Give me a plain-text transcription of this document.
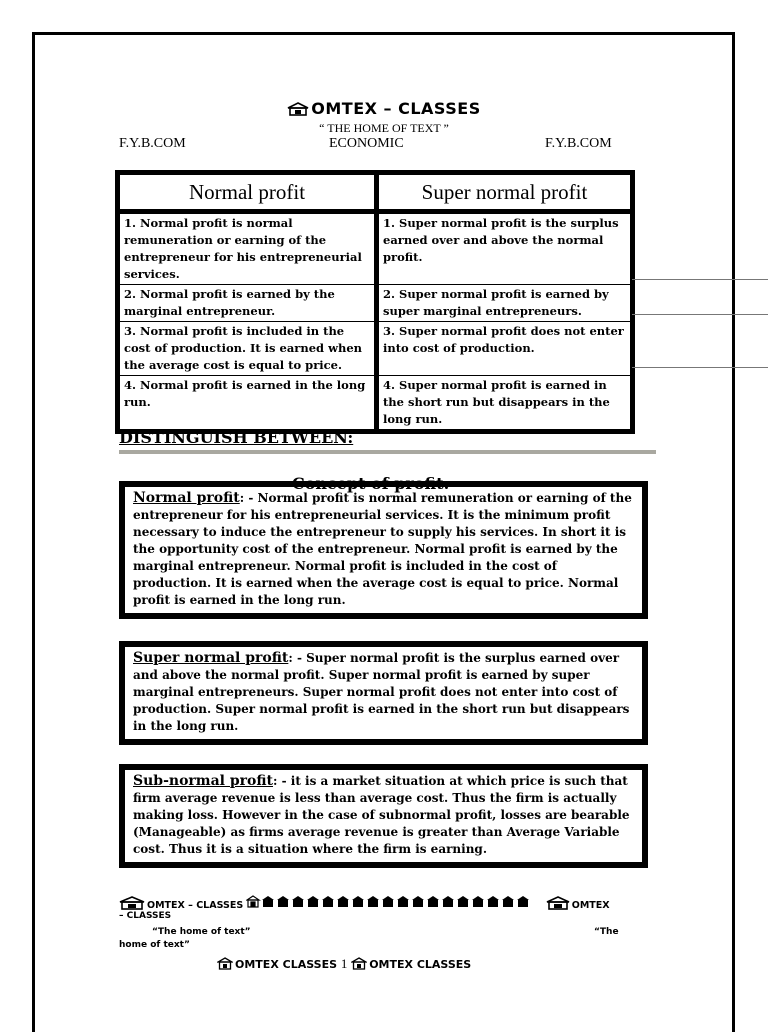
OMTEX – CLASSES
“ THE HOME OF TEXT ”
F.Y.B.COM	ECONOMIC	F.Y.B.COM
Normal profit	Super normal profit
1. Normal profit is normal remuneration or earning of the entrepreneur for his entrepreneurial services.	1. Super normal profit is the surplus earned over and above the normal profit.
2. Normal profit is earned by the marginal entrepreneur.	2. Super normal profit is earned by super marginal entrepreneurs.
3. Normal profit is included in the cost of production. It is earned when the average cost is equal to price.	3. Super normal profit does not enter into cost of production.
4. Normal profit is earned in the long run.	4. Super normal profit is earned in the short run but disappears in the long run.
DISTINGUISH BETWEEN:
Concept of profit:
Normal profit: - Normal profit is normal remuneration or earning of the entrepreneur for his entrepreneurial services. It is the minimum profit necessary to induce the entrepreneur to supply his services. In short it is the opportunity cost of the entrepreneur. Normal profit is earned by the marginal entrepreneur. Normal profit is included in the cost of production. It is earned when the average cost is equal to price. Normal profit is earned in the long run.
Super normal profit: - Super normal profit is the surplus earned over and above the normal profit. Super normal profit is earned by super marginal entrepreneurs. Super normal profit does not enter into cost of production. Super normal profit is earned in the short run but disappears in the long run.
Sub-normal profit: - it is a market situation at which price is such that firm average revenue is less than average cost. Thus the firm is actually making loss. However in the case of subnormal profit, losses are bearable (Manageable) as firms average revenue is greater than Average Variable cost. Thus it is a situation where the firm is earning.
OMTEX – CLASSES	OMTEX
– CLASSES
“The home of text”	“The
home of text”
OMTEX CLASSES 1 OMTEX CLASSES
